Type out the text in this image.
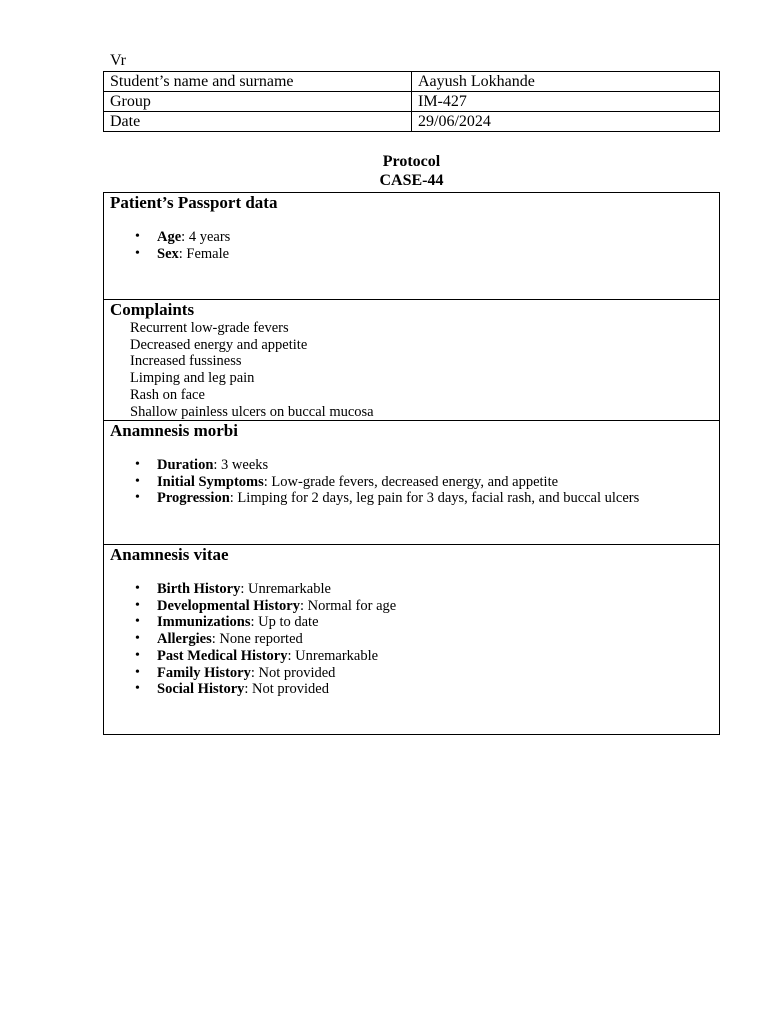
Vr
Student’s name and surname	Aayush Lokhande
Group	IM-427
Date	29/06/2024
Protocol
CASE-44
Patient’s Passport data
• Age: 4 years
• Sex: Female
Complaints
Recurrent low-grade fevers
Decreased energy and appetite
Increased fussiness
Limping and leg pain
Rash on face
Shallow painless ulcers on buccal mucosa
Anamnesis morbi
• Duration: 3 weeks
• Initial Symptoms: Low-grade fevers, decreased energy, and appetite
• Progression: Limping for 2 days, leg pain for 3 days, facial rash, and buccal ulcers
Anamnesis vitae
• Birth History: Unremarkable
• Developmental History: Normal for age
• Immunizations: Up to date
• Allergies: None reported
• Past Medical History: Unremarkable
• Family History: Not provided
• Social History: Not provided
